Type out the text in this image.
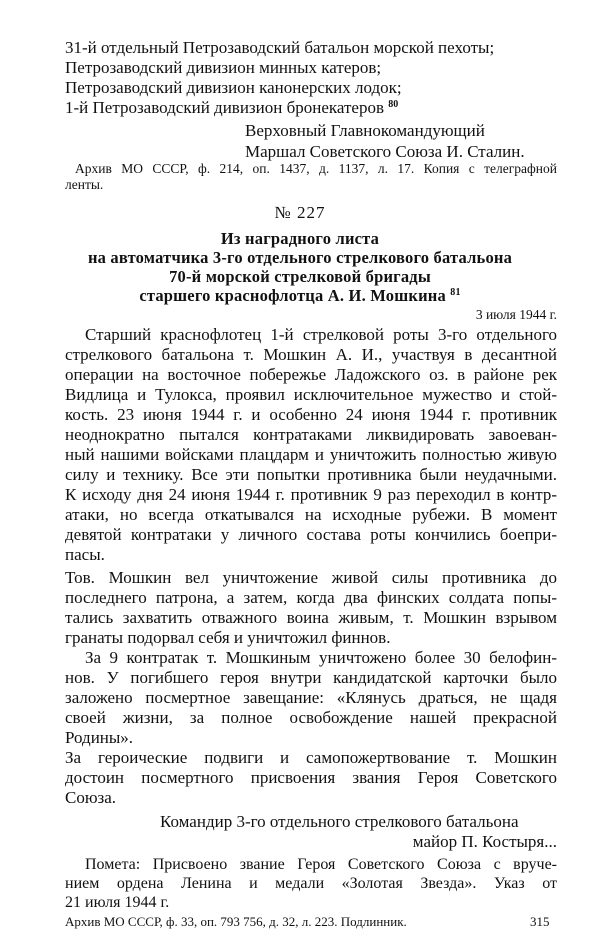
31-й отдельный Петрозаводский батальон морской пехоты;
Петрозаводский дивизион минных катеров;
Петрозаводский дивизион канонерских лодок;
1-й Петрозаводский дивизион бронекатеров $^{80}$
Верховный Главнокомандующий
Маршал Советского Союза И. Сталин.
Архив МО СССР, ф. 214, оп. 1437, д. 1137, л. 17. Копия с телеграфной
ленты.
№ 227
Из наградного листа
на автоматчика 3-го отдельного стрелкового батальона
70-й морской стрелковой бригады
старшего краснофлотца А. И. Мошкина $^{81}$
3 июля 1944 г.
Старший краснофлотец 1-й стрелковой роты 3-го отдельного
стрелкового батальона т. Мошкин А. И., участвуя в десантной
операции на восточное побережье Ладожского оз. в районе рек
Видлица и Тулокса, проявил исключительное мужество и стой-
кость. 23 июня 1944 г. и особенно 24 июня 1944 г. противник
неоднократно пытался контратаками ликвидировать завоеван-
ный нашими войсками плацдарм и уничтожить полностью живую
силу и технику. Все эти попытки противника были неудачными.
К исходу дня 24 июня 1944 г. противник 9 раз переходил в контр-
атаки, но всегда откатывался на исходные рубежи. В момент
девятой контратаки у личного состава роты кончились боепри-
пасы.
Тов. Мошкин вел уничтожение живой силы противника до
последнего патрона, а затем, когда два финских солдата попы-
тались захватить отважного воина живым, т. Мошкин взрывом
гранаты подорвал себя и уничтожил финнов.
За 9 контратак т. Мошкиным уничтожено более 30 белофин-
нов. У погибшего героя внутри кандидатской карточки было
заложено посмертное завещание: «Клянусь драться, не щадя
своей жизни, за полное освобождение нашей прекрасной
Родины».
За героические подвиги и самопожертвование т. Мошкин
достоин посмертного присвоения звания Героя Советского
Союза.
Командир 3-го отдельного стрелкового батальона
майор П. Костыря...
Помета: Присвоено звание Героя Советского Союза с вруче-
нием ордена Ленина и медали «Золотая Звезда». Указ от
21 июля 1944 г.
Архив МО СССР, ф. 33, оп. 793 756, д. 32, л. 223. Подлинник.	315
